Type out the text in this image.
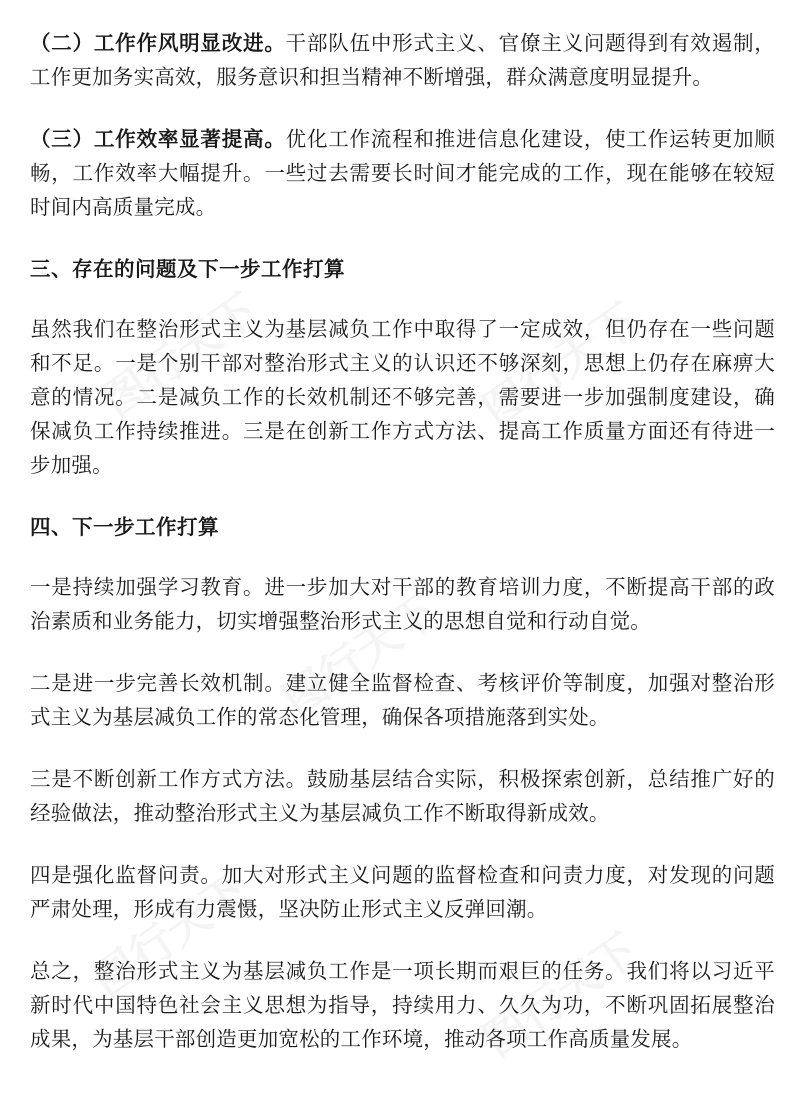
（二）工作作风明显改进。干部队伍中形式主义、官僚主义问题得到有效遏制，工作更加务实高效，服务意识和担当精神不断增强，群众满意度明显提升。

（三）工作效率显著提高。优化工作流程和推进信息化建设，使工作运转更加顺畅，工作效率大幅提升。一些过去需要长时间才能完成的工作，现在能够在较短时间内高质量完成。

三、存在的问题及下一步工作打算

虽然我们在整治形式主义为基层减负工作中取得了一定成效，但仍存在一些问题和不足。一是个别干部对整治形式主义的认识还不够深刻，思想上仍存在麻痹大意的情况。二是减负工作的长效机制还不够完善，需要进一步加强制度建设，确保减负工作持续推进。三是在创新工作方式方法、提高工作质量方面还有待进一步加强。

四、下一步工作打算

一是持续加强学习教育。进一步加大对干部的教育培训力度，不断提高干部的政治素质和业务能力，切实增强整治形式主义的思想自觉和行动自觉。

二是进一步完善长效机制。建立健全监督检查、考核评价等制度，加强对整治形式主义为基层减负工作的常态化管理，确保各项措施落到实处。

三是不断创新工作方式方法。鼓励基层结合实际，积极探索创新，总结推广好的经验做法，推动整治形式主义为基层减负工作不断取得新成效。

四是强化监督问责。加大对形式主义问题的监督检查和问责力度，对发现的问题严肃处理，形成有力震慑，坚决防止形式主义反弹回潮。

总之，整治形式主义为基层减负工作是一项长期而艰巨的任务。我们将以习近平新时代中国特色社会主义思想为指导，持续用力、久久为功，不断巩固拓展整治成果，为基层干部创造更加宽松的工作环境，推动各项工作高质量发展。
